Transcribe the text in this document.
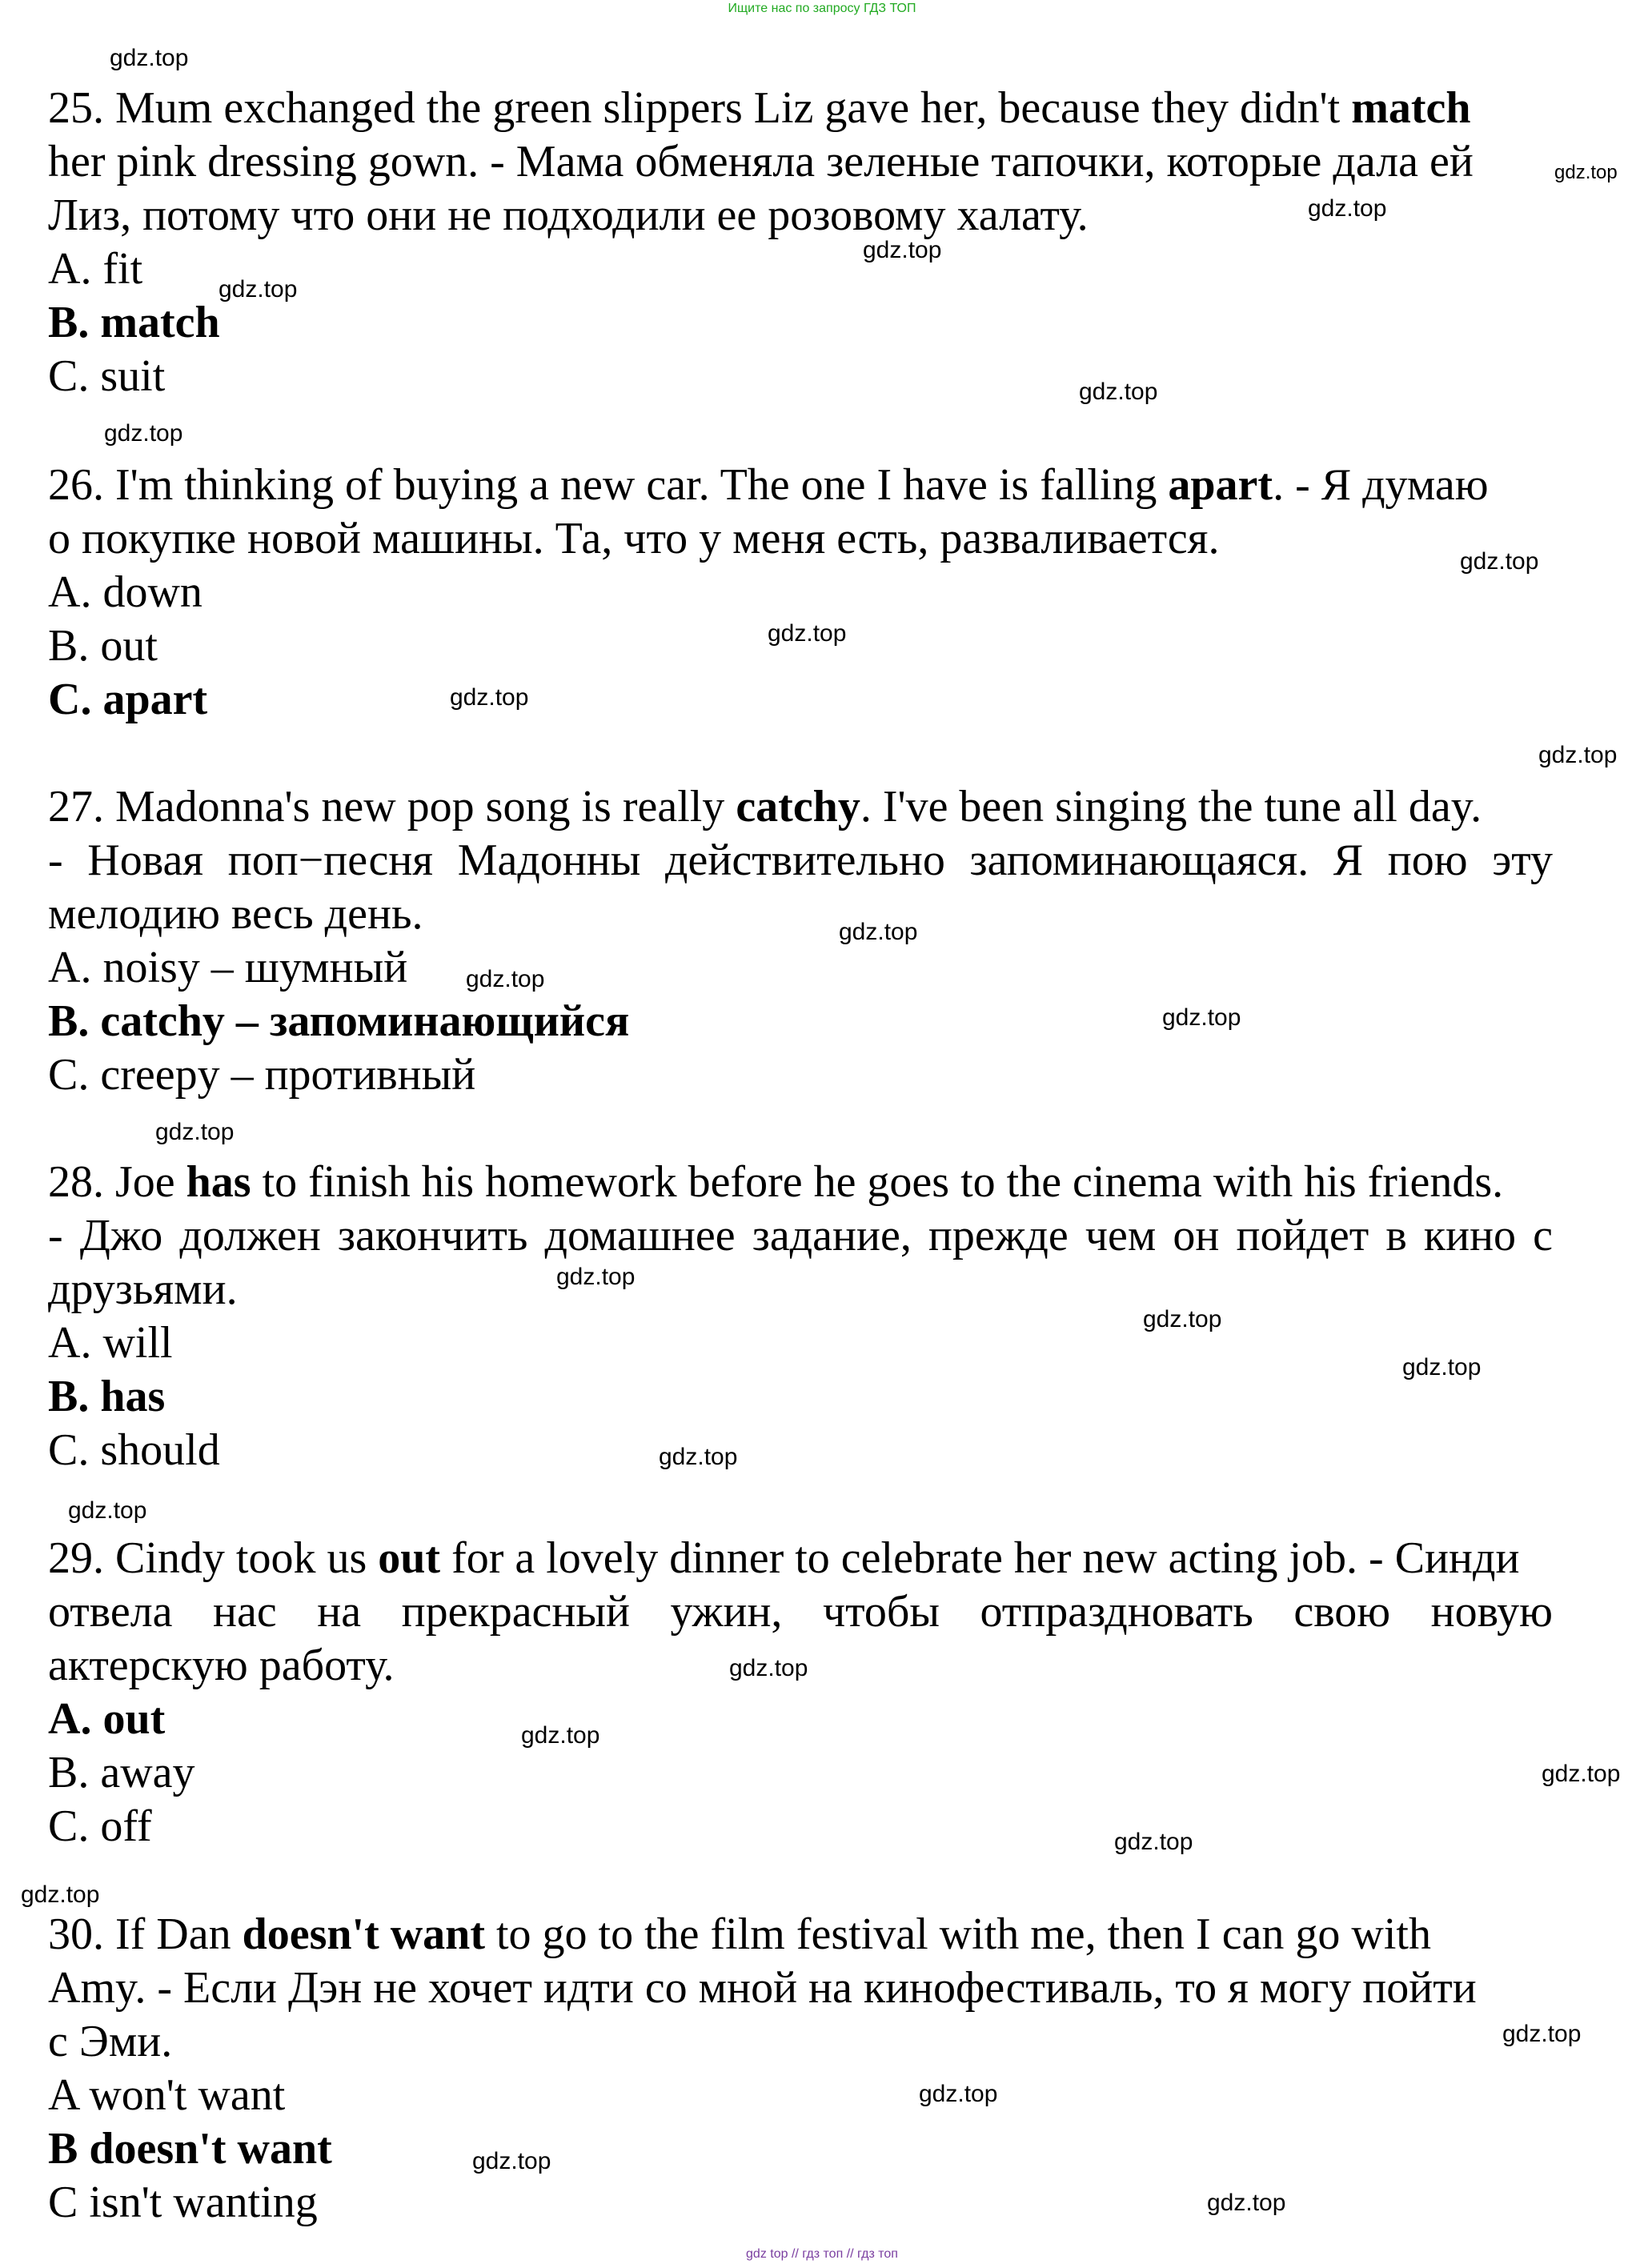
Ищите нас по запросу ГДЗ ТОП
25. Mum exchanged the green slippers Liz gave her, because they didn't match
her pink dressing gown. - Мама обменяла зеленые тапочки, которые дала ей
Лиз, потому что они не подходили ее розовому халату.
A. fit
B. match
C. suit
26. I'm thinking of buying a new car. The one I have is falling apart. - Я думаю
о покупке новой машины. Та, что у меня есть, разваливается.
A. down
B. out
C. apart
27. Madonna's new pop song is really catchy. I've been singing the tune all day.
- Новая поп−песня Мадонны действительно запоминающаяся. Я пою эту
мелодию весь день.
A. noisy – шумный
B. catchy – запоминающийся
C. creepy – противный
28. Joe has to finish his homework before he goes to the cinema with his friends.
- Джо должен закончить домашнее задание, прежде чем он пойдет в кино с
друзьями.
A. will
B. has
C. should
29. Cindy took us out for a lovely dinner to celebrate her new acting job. - Синди
отвела нас на прекрасный ужин, чтобы отпраздновать свою новую
актерскую работу.
A. out
B. away
C. off
30. If Dan doesn't want to go to the film festival with me, then I can go with
Amy. - Если Дэн не хочет идти со мной на кинофестиваль, то я могу пойти
с Эми.
A won't want
B doesn't want
C isn't wanting
gdz.top
gdz.top
gdz.top
gdz.top
gdz.top
gdz.top
gdz.top
gdz.top
gdz.top
gdz.top
gdz.top
gdz.top
gdz.top
gdz.top
gdz.top
gdz.top
gdz.top
gdz.top
gdz.top
gdz.top
gdz.top
gdz.top
gdz.top
gdz.top
gdz.top
gdz.top
gdz.top
gdz.top
gdz.top
gdz top // гдз топ // гдз топ
